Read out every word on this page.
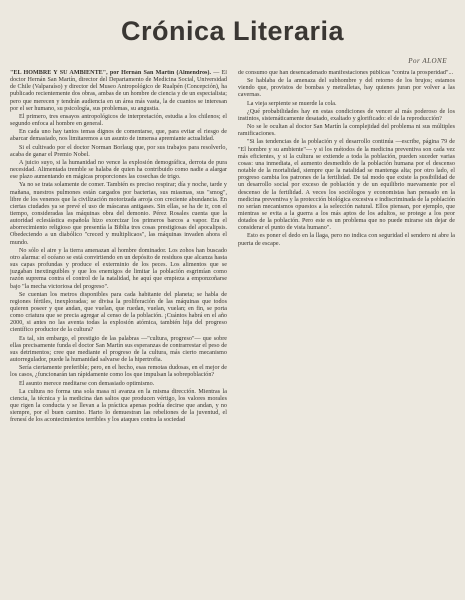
Crónica Literaria
Por ALONE

"EL HOMBRE Y SU AMBIENTE", por Hernán San Martín (Almendros). — El doctor Hernán San Martín, director del Departamento de Medicina Social, Universidad de Chile (Valparaíso) y director del Museo Antropológico de Rualpén (Concepción), ha publicado recientemente dos obras, ambas de un hombre de ciencia y de un especialista; pero que merecen y tendrán audiencia en un área más vasta, la de cuantos se interesan por el ser humano, su psicología, sus problemas, su angustia.

El primero, tres ensayos antropológicos de interpretación, estudia a los chilenos; el segundo enfoca al hombre en general.

En cada uno hay tantos temas dignos de comentarse, que, para evitar el riesgo de abarcar demasiado, nos limitaremos a un asunto de inmensa apremiante actualidad.

Si el cultivado por el doctor Norman Borlaug que, por sus trabajos para resolverlo, acaba de ganar el Premio Nobel.

A juicio suyo, si la humanidad no vence la explosión demográfica, derrota de pura necesidad. Alimentada tremble se halaba de quien ha contribuido como nadie a alargar ese plazo aumentando en mágicas proporciones las cosechas de trigo.

Ya no se trata solamente de comer. También es preciso respirar; día y noche, tarde y mañana, nuestros pulmones están cargados por bacterias, sus miasmas, sus "smog", libre de los venenos que la civilización motorizada arroja con creciente abundancia. En ciertas ciudades ya se prevé el uso de máscaras antigases. Sin ellas, se ha de ir, con el tiempo, consideradas las máquinas obra del demonio. Pérez Rosales cuenta que la autoridad eclesiástica española hizo exorcizar los primeros barcos a vapor. Era el aborrecimiento religioso que presentía la Biblia tres cosas prestigiosas del apocalipsis. Obedeciendo a un diabólico "creced y multiplicaos", las máquinas invaden ahora el mundo.

No sólo el aire y la tierra amenazan al hombre dominador. Los zohos han buscado otro alarma: el océano se está convirtiendo en un depósito de residuos que alcanza hasta sus capas profundas y produce el exterminio de los peces. Los alimentos que se juzgaban inextinguibles y que los enemigos de limitar la población esgrimían como razón suprema contra el control de la natalidad, he aquí que empieza a emponzoñarse bajo "la mecha victoriosa del progreso".

Se cuentan los metros disponibles para cada habitante del planeta; se habla de regiones fértiles, inexploradas; se divisa la proliferación de las máquinas que todos quieren poseer y que andan, que vuelan, que ruedan, vuelan, vuelan; en fin, se porta como criatura que se precia agregar al censo de la población. ¡Cuántos habrá en el año 2000, si antes no las aventa todas la explosión atómica, también hija del progreso científico productor de la cultura?

Es tal, sin embargo, el prestigio de las palabras —"cultura, progreso"— que sobre ellas precisamente funda el doctor San Martín sus esperanzas de contrarrestar el peso de sus detrimentos; cree que mediante el progreso de la cultura, más cierto mecanismo autorregulador, puede la humanidad salvarse de la hipertrofia.

Sería ciertamente preferible; pero, en el hecho, esas remotas dudosas, en el mejor de los casos, ¿funcionarán tan rápidamente como los que impulsan la sobrepoblación?

El asunto merece meditarse con demasiado optimismo.

La cultura no forma una sola masa ni avanza en la misma dirección. Mientras la ciencia, la técnica y la medicina dan saltos que producen vértigo, los valores morales que rigen la conducta y se llevan a la práctica apenas podría decirse que andan, y no siempre, por el buen camino. Harto lo demuestran las rebeliones de la juventud, el frenesí de los acontecimientos terribles y los ataques contra la sociedad

de consumo que han desencadenado manifestaciones públicas "contra la prosperidad"...

Se hablaba de la amenaza del subhombre y del retorno de los brujos; estamos viendo que, provistos de bombas y metralletas, hay quienes juran por volver a las cavernas.

La vieja serpiente se muerde la cola.

¿Qué probabilidades hay en estas condiciones de vencer al más poderoso de los instintos, sistemáticamente desatado, exaltado y glorificado: el de la reproducción?

No se le ocultan al doctor San Martín la complejidad del problema ni sus múltiples ramificaciones.

"Si las tendencias de la población y el desarrollo continúa —escribe, página 79 de "El hombre y su ambiente"— y si los métodos de la medicina preventiva son cada vez más eficientes, y si la cultura se extiende a toda la población, pueden suceder varias cosas: una inmediata, el aumento desmedido de la población humana por el descenso notable de la mortalidad, siempre que la natalidad se mantenga alta; por otro lado, el progreso cambia los patrones de la fertilidad. De tal modo que existe la posibilidad de un desarrollo social por exceso de población y de un equilibrio nuevamente por el descenso de la fertilidad. A veces los sociólogos y economistas han pensado en la medicina preventiva y la protección biológica excesiva e indiscriminada de la población no serían mecanismos opuestos a la selección natural. Ellos piensan, por ejemplo, que mientras se evita a la guerra a los más aptos de los adultos, se protege a los peor dotados de la población. Pero este es un problema que no puede mirarse sin dejar de considerar el punto de vista humano".

Esto es poner el dedo en la llaga, pero no indica con seguridad el sendero ni abre la puerta de escape.
